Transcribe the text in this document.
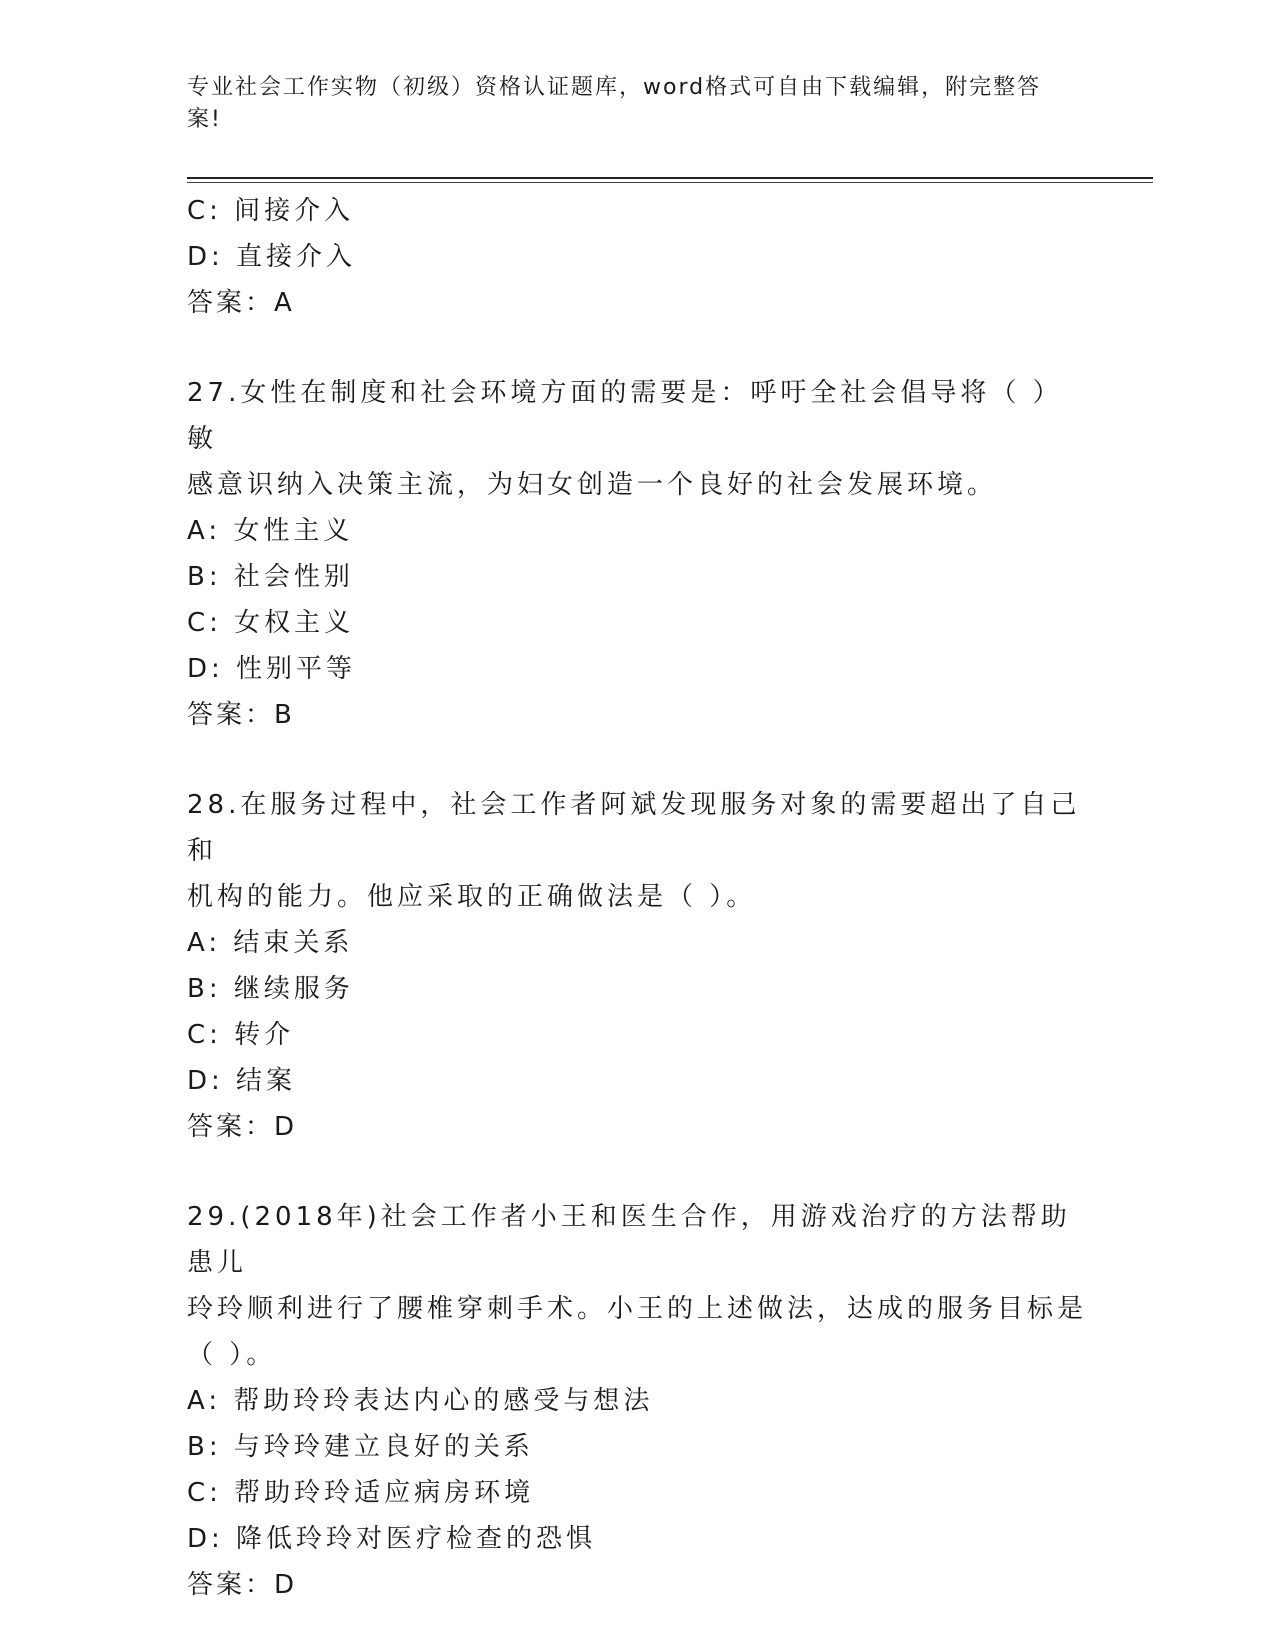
专业社会工作实物（初级）资格认证题库，word格式可自由下载编辑，附完整答
案!
C: 间接介入
D: 直接介入
答案：A
27.女性在制度和社会环境方面的需要是：呼吁全社会倡导将（ ）敏
感意识纳入决策主流，为妇女创造一个良好的社会发展环境。
A: 女性主义
B: 社会性别
C: 女权主义
D: 性别平等
答案：B
28.在服务过程中，社会工作者阿斌发现服务对象的需要超出了自己和
机构的能力。他应采取的正确做法是（ ）。
A: 结束关系
B: 继续服务
C: 转介
D: 结案
答案：D
29.(2018年)社会工作者小王和医生合作，用游戏治疗的方法帮助患儿
玲玲顺利进行了腰椎穿刺手术。小王的上述做法，达成的服务目标是
（ ）。
A: 帮助玲玲表达内心的感受与想法
B: 与玲玲建立良好的关系
C: 帮助玲玲适应病房环境
D: 降低玲玲对医疗检查的恐惧
答案：D
